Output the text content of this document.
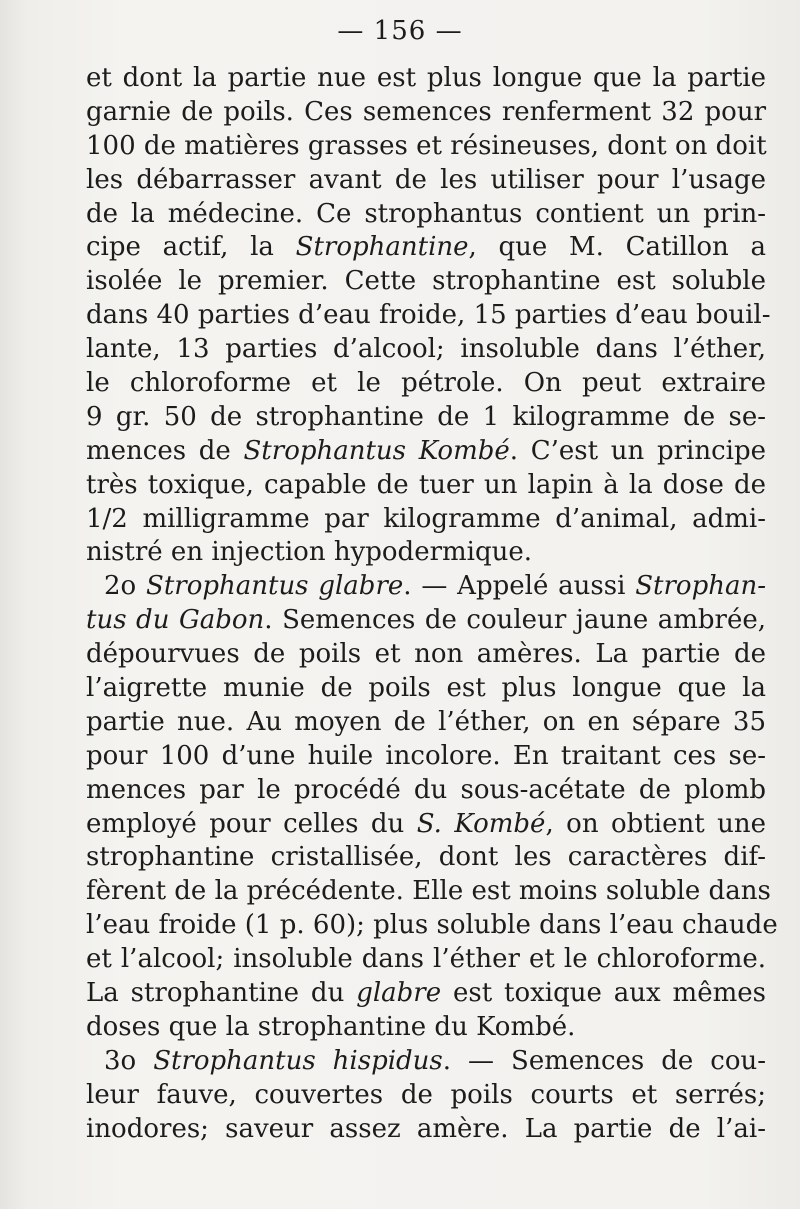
— 156 —
et dont la partie nue est plus longue que la partie
garnie de poils. Ces semences renferment 32 pour
100 de matières grasses et résineuses, dont on doit
les débarrasser avant de les utiliser pour l’usage
de la médecine. Ce strophantus contient un prin-
cipe actif, la Strophantine, que M. Catillon a
isolée le premier. Cette strophantine est soluble
dans 40 parties d’eau froide, 15 parties d’eau bouil-
lante, 13 parties d’alcool; insoluble dans l’éther,
le chloroforme et le pétrole. On peut extraire
9 gr. 50 de strophantine de 1 kilogramme de se-
mences de Strophantus Kombé. C’est un principe
très toxique, capable de tuer un lapin à la dose de
1/2 milligramme par kilogramme d’animal, admi-
nistré en injection hypodermique.
2o Strophantus glabre. — Appelé aussi Strophan-
tus du Gabon. Semences de couleur jaune ambrée,
dépourvues de poils et non amères. La partie de
l’aigrette munie de poils est plus longue que la
partie nue. Au moyen de l’éther, on en sépare 35
pour 100 d’une huile incolore. En traitant ces se-
mences par le procédé du sous-acétate de plomb
employé pour celles du S. Kombé, on obtient une
strophantine cristallisée, dont les caractères dif-
fèrent de la précédente. Elle est moins soluble dans
l’eau froide (1 p. 60); plus soluble dans l’eau chaude
et l’alcool; insoluble dans l’éther et le chloroforme.
La strophantine du glabre est toxique aux mêmes
doses que la strophantine du Kombé.
3o Strophantus hispidus. — Semences de cou-
leur fauve, couvertes de poils courts et serrés;
inodores; saveur assez amère. La partie de l’ai-
